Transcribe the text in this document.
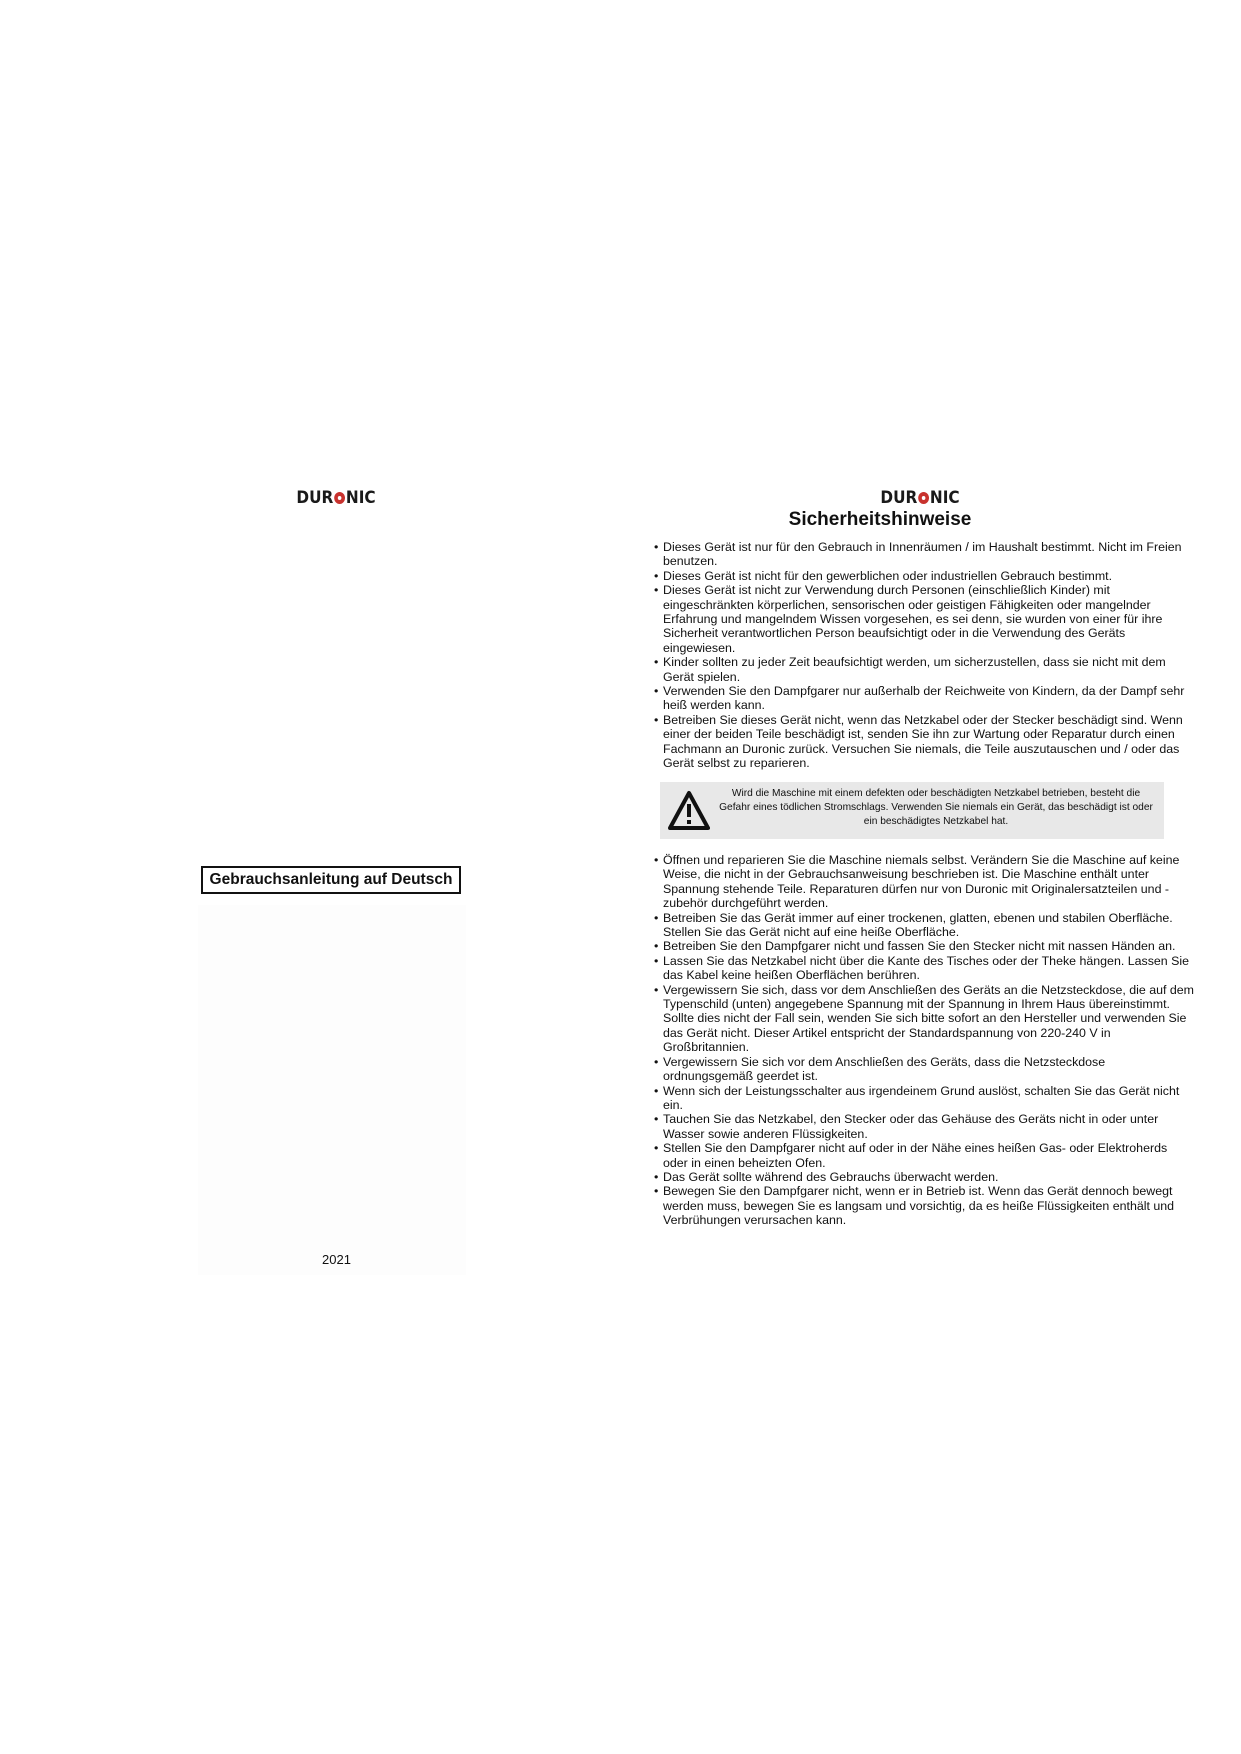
DUR NIC
Gebrauchsanleitung auf Deutsch
2021
DUR NIC
Sicherheitshinweise
• Dieses Gerät ist nur für den Gebrauch in Innenräumen / im Haushalt bestimmt. Nicht im Freien benutzen.
• Dieses Gerät ist nicht für den gewerblichen oder industriellen Gebrauch bestimmt.
• Dieses Gerät ist nicht zur Verwendung durch Personen (einschließlich Kinder) mit eingeschränkten körperlichen, sensorischen oder geistigen Fähigkeiten oder mangelnder Erfahrung und mangelndem Wissen vorgesehen, es sei denn, sie wurden von einer für ihre Sicherheit verantwortlichen Person beaufsichtigt oder in die Verwendung des Geräts eingewiesen.
• Kinder sollten zu jeder Zeit beaufsichtigt werden, um sicherzustellen, dass sie nicht mit dem Gerät spielen.
• Verwenden Sie den Dampfgarer nur außerhalb der Reichweite von Kindern, da der Dampf sehr heiß werden kann.
• Betreiben Sie dieses Gerät nicht, wenn das Netzkabel oder der Stecker beschädigt sind. Wenn einer der beiden Teile beschädigt ist, senden Sie ihn zur Wartung oder Reparatur durch einen Fachmann an Duronic zurück. Versuchen Sie niemals, die Teile auszutauschen und / oder das Gerät selbst zu reparieren.
Wird die Maschine mit einem defekten oder beschädigten Netzkabel betrieben, besteht die Gefahr eines tödlichen Stromschlags. Verwenden Sie niemals ein Gerät, das beschädigt ist oder ein beschädigtes Netzkabel hat.
• Öffnen und reparieren Sie die Maschine niemals selbst. Verändern Sie die Maschine auf keine Weise, die nicht in der Gebrauchsanweisung beschrieben ist. Die Maschine enthält unter Spannung stehende Teile. Reparaturen dürfen nur von Duronic mit Originalersatzteilen und -zubehör durchgeführt werden.
• Betreiben Sie das Gerät immer auf einer trockenen, glatten, ebenen und stabilen Oberfläche. Stellen Sie das Gerät nicht auf eine heiße Oberfläche.
• Betreiben Sie den Dampfgarer nicht und fassen Sie den Stecker nicht mit nassen Händen an.
• Lassen Sie das Netzkabel nicht über die Kante des Tisches oder der Theke hängen. Lassen Sie das Kabel keine heißen Oberflächen berühren.
• Vergewissern Sie sich, dass vor dem Anschließen des Geräts an die Netzsteckdose, die auf dem Typenschild (unten) angegebene Spannung mit der Spannung in Ihrem Haus übereinstimmt. Sollte dies nicht der Fall sein, wenden Sie sich bitte sofort an den Hersteller und verwenden Sie das Gerät nicht. Dieser Artikel entspricht der Standardspannung von 220-240 V in Großbritannien.
• Vergewissern Sie sich vor dem Anschließen des Geräts, dass die Netzsteckdose ordnungsgemäß geerdet ist.
• Wenn sich der Leistungsschalter aus irgendeinem Grund auslöst, schalten Sie das Gerät nicht ein.
• Tauchen Sie das Netzkabel, den Stecker oder das Gehäuse des Geräts nicht in oder unter Wasser sowie anderen Flüssigkeiten.
• Stellen Sie den Dampfgarer nicht auf oder in der Nähe eines heißen Gas- oder Elektroherds oder in einen beheizten Ofen.
• Das Gerät sollte während des Gebrauchs überwacht werden.
• Bewegen Sie den Dampfgarer nicht, wenn er in Betrieb ist. Wenn das Gerät dennoch bewegt werden muss, bewegen Sie es langsam und vorsichtig, da es heiße Flüssigkeiten enthält und Verbrühungen verursachen kann.
